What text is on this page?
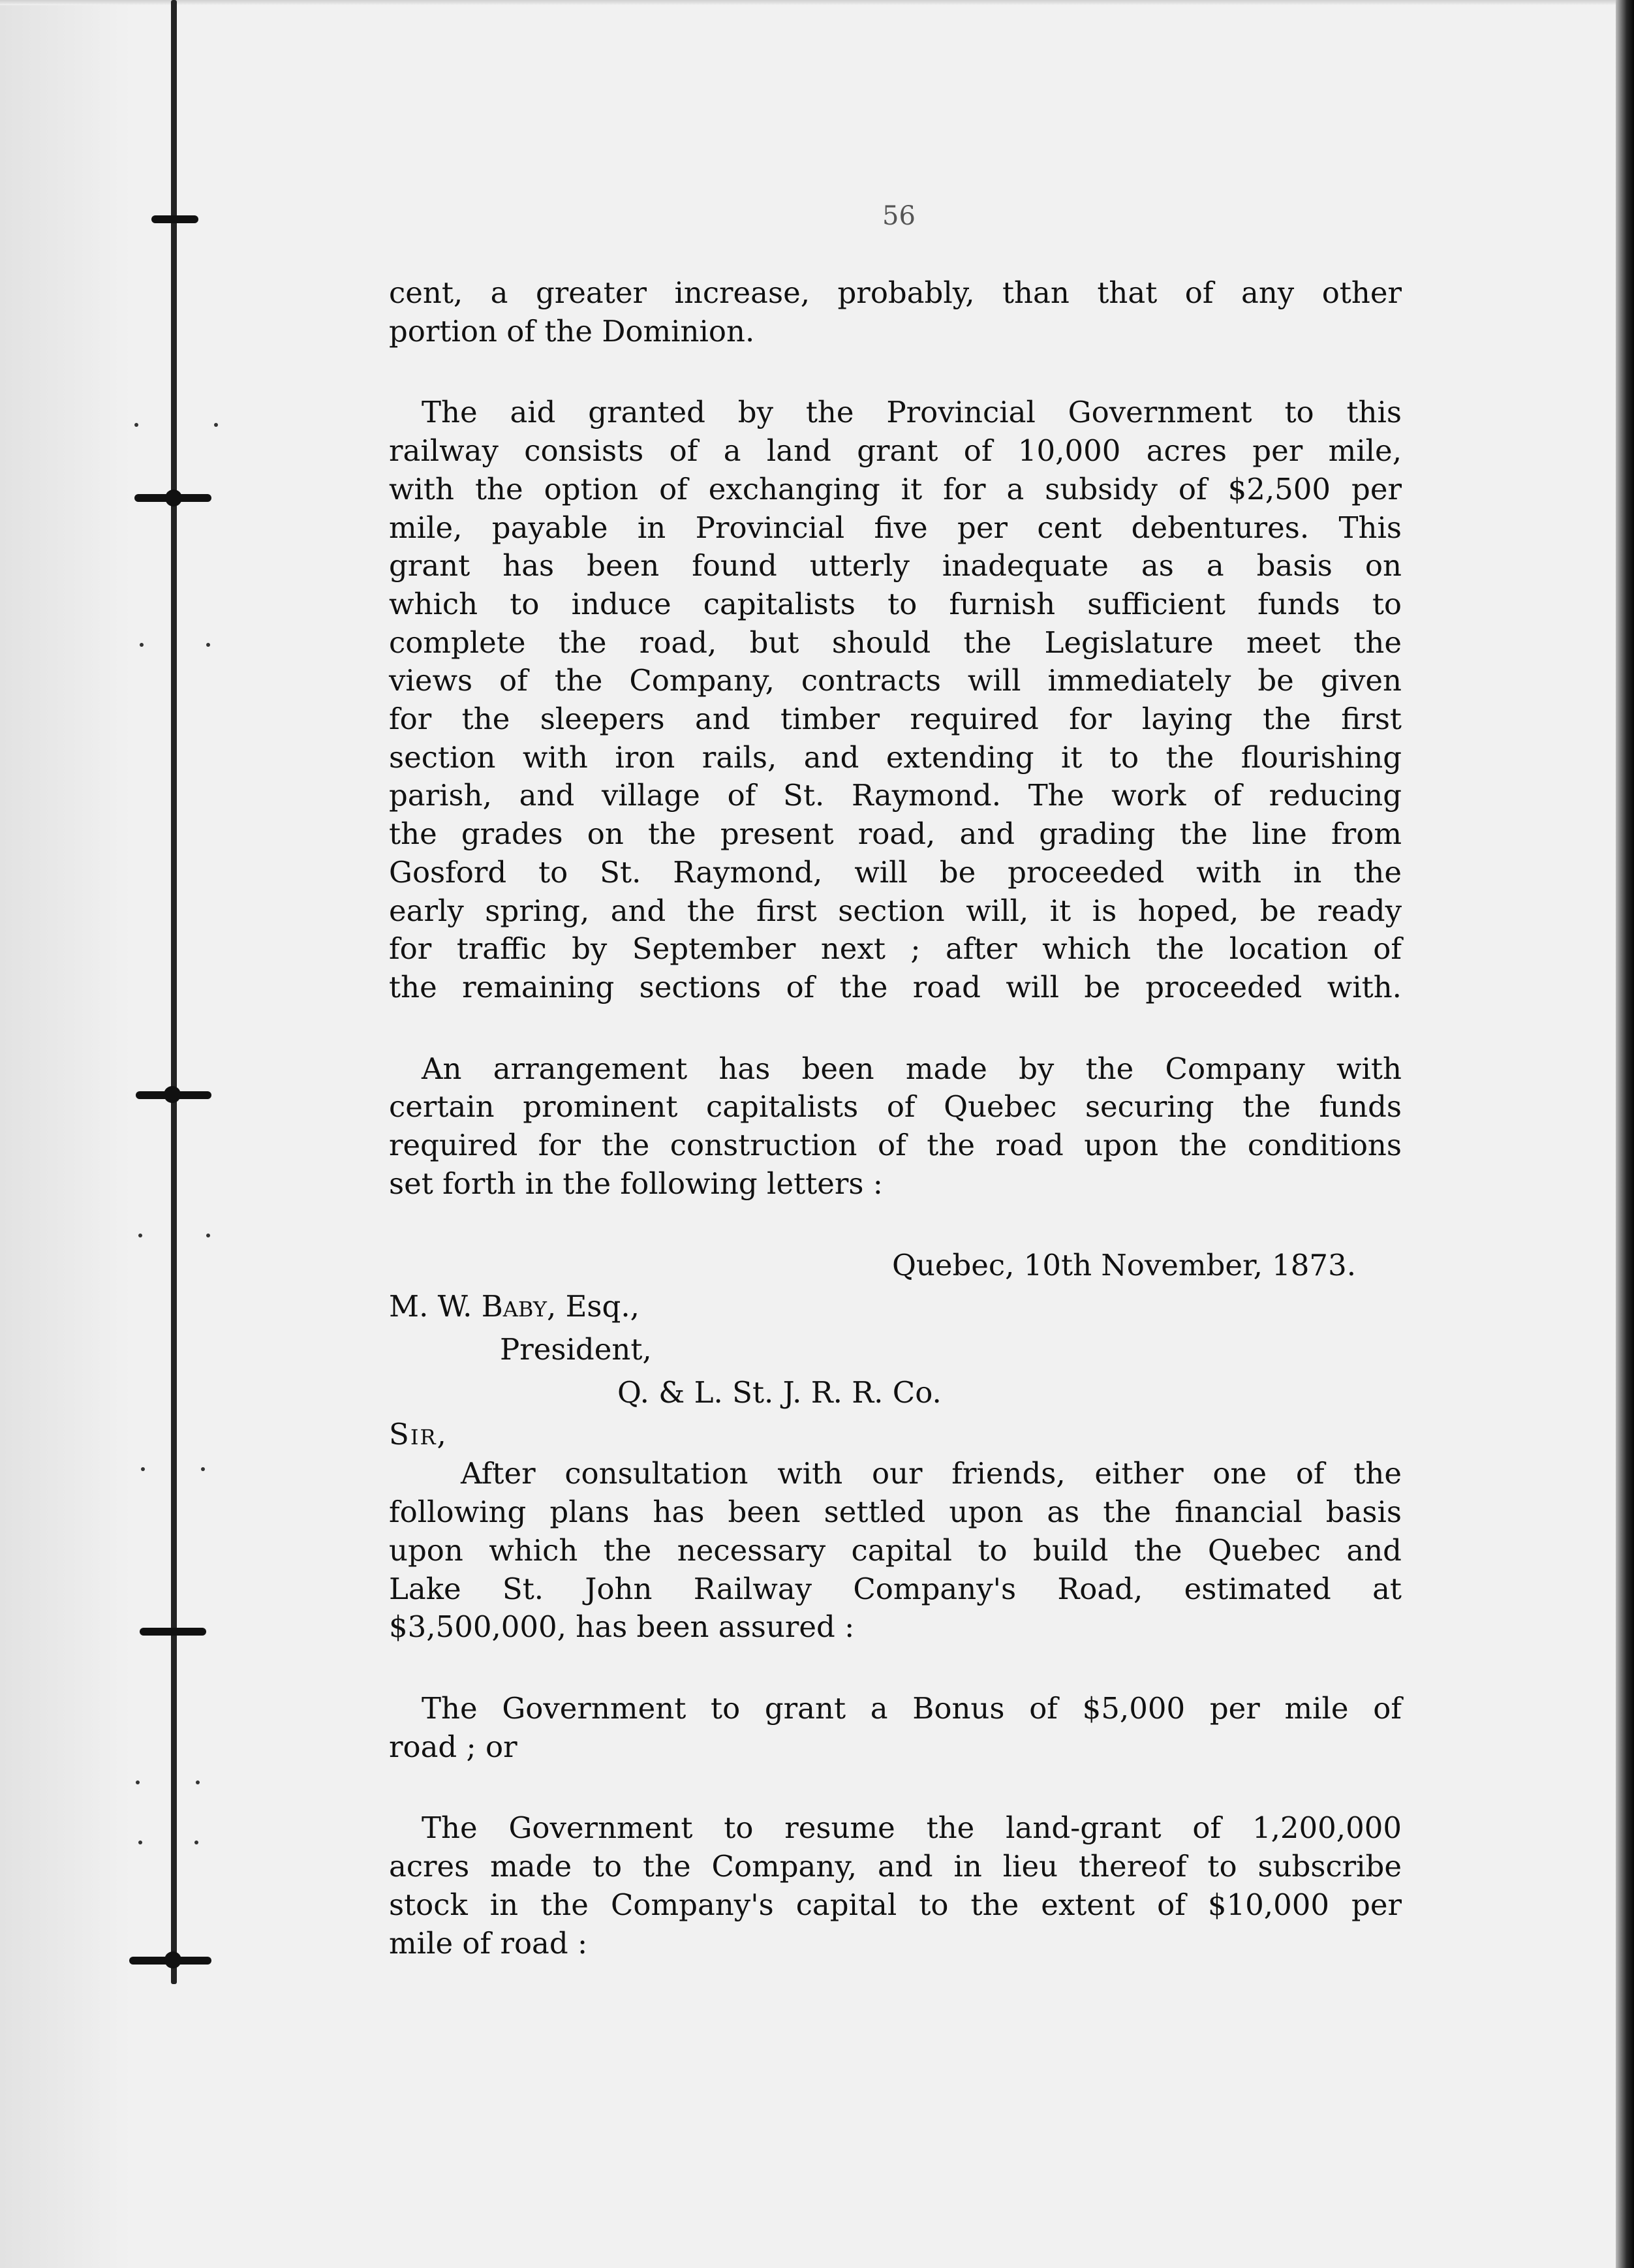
56

cent, a greater increase, probably, than that of any other
portion of the Dominion.

The aid granted by the Provincial Government to this
railway consists of a land grant of 10,000 acres per mile,
with the option of exchanging it for a subsidy of $2,500 per
mile, payable in Provincial five per cent debentures. This
grant has been found utterly inadequate as a basis on
which to induce capitalists to furnish sufficient funds to
complete the road, but should the Legislature meet the
views of the Company, contracts will immediately be given
for the sleepers and timber required for laying the first
section with iron rails, and extending it to the flourishing
parish, and village of St. Raymond. The work of reducing
the grades on the present road, and grading the line from
Gosford to St. Raymond, will be proceeded with in the
early spring, and the first section will, it is hoped, be ready
for traffic by September next ; after which the location of
the remaining sections of the road will be proceeded with.

An arrangement has been made by the Company with
certain prominent capitalists of Quebec securing the funds
required for the construction of the road upon the conditions
set forth in the following letters :

Quebec, 10th November, 1873.

M. W. Baby, Esq.,

President,

Q. & L. St. J. R. R. Co.

Sir,

After consultation with our friends, either one of the
following plans has been settled upon as the financial basis
upon which the necessary capital to build the Quebec and
Lake St. John Railway Company's Road, estimated at
$3,500,000, has been assured :

The Government to grant a Bonus of $5,000 per mile of
road ; or

The Government to resume the land-grant of 1,200,000
acres made to the Company, and in lieu thereof to subscribe
stock in the Company's capital to the extent of $10,000 per
mile of road :
